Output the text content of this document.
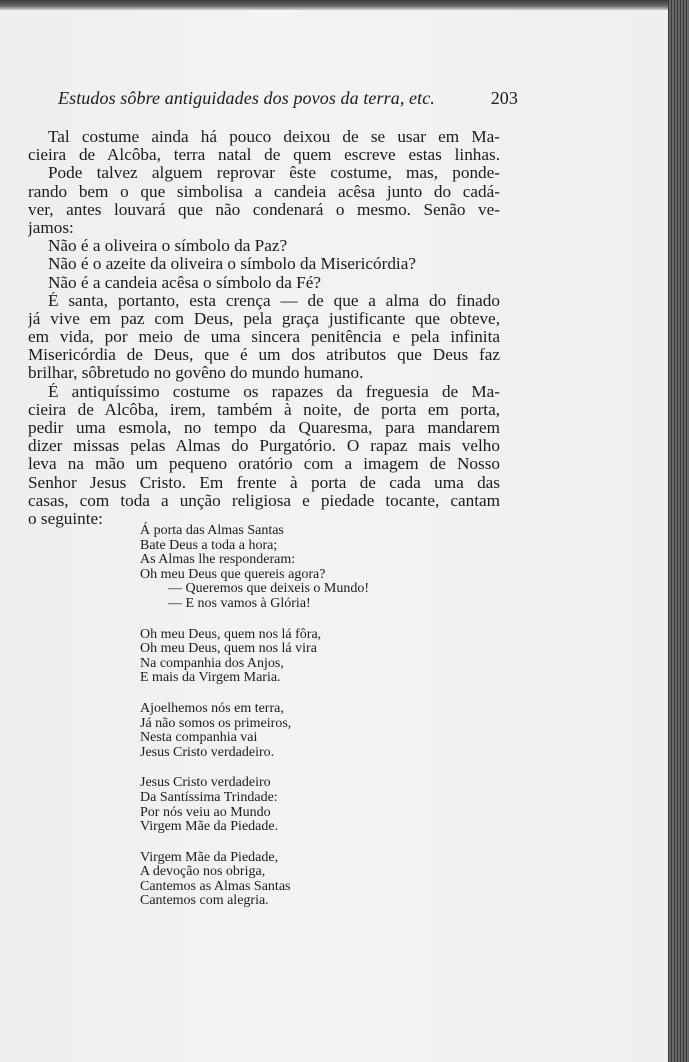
Estudos sôbre antiguidades dos povos da terra, etc.	203
Tal costume ainda há pouco deixou de se usar em Ma-
cieira de Alcôba, terra natal de quem escreve estas linhas.
Pode talvez alguem reprovar êste costume, mas, ponde-
rando bem o que simbolisa a candeia acêsa junto do cadá-
ver, antes louvará que não condenará o mesmo. Senão ve-
jamos:
Não é a oliveira o símbolo da Paz?
Não é o azeite da oliveira o símbolo da Misericórdia?
Não é a candeia acêsa o símbolo da Fé?
É santa, portanto, esta crença — de que a alma do finado
já vive em paz com Deus, pela graça justificante que obteve,
em vida, por meio de uma sincera penitência e pela infinita
Misericórdia de Deus, que é um dos atributos que Deus faz
brilhar, sôbretudo no govêno do mundo humano.
É antiquíssimo costume os rapazes da freguesia de Ma-
cieira de Alcôba, irem, também à noite, de porta em porta,
pedir uma esmola, no tempo da Quaresma, para mandarem
dizer missas pelas Almas do Purgatório. O rapaz mais velho
leva na mão um pequeno oratório com a imagem de Nosso
Senhor Jesus Cristo. Em frente à porta de cada uma das
casas, com toda a unção religiosa e piedade tocante, cantam
o seguinte:
Á porta das Almas Santas
Bate Deus a toda a hora;
As Almas lhe responderam:
Oh meu Deus que quereis agora?
— Queremos que deixeis o Mundo!
— E nos vamos à Glória!
Oh meu Deus, quem nos lá fôra,
Oh meu Deus, quem nos lá vira
Na companhia dos Anjos,
E mais da Virgem Maria.
Ajoelhemos nós em terra,
Já não somos os primeiros,
Nesta companhia vai
Jesus Cristo verdadeiro.
Jesus Cristo verdadeiro
Da Santíssima Trindade:
Por nós veiu ao Mundo
Virgem Mãe da Piedade.
Virgem Mãe da Piedade,
A devoção nos obriga,
Cantemos as Almas Santas
Cantemos com alegria.
